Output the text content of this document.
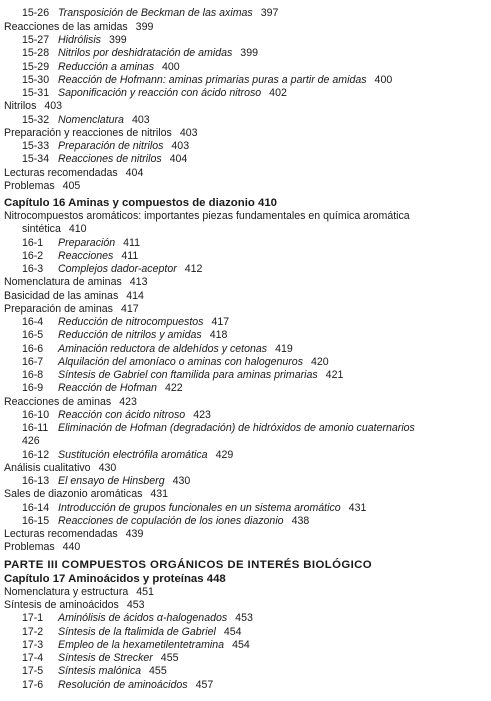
15-26 Transposición de Beckman de las aximas 397
Reacciones de las amidas 399
15-27 Hidrólisis 399
15-28 Nitrilos por deshidratación de amidas 399
15-29 Reducción a aminas 400
15-30 Reacción de Hofmann: aminas primarias puras a partir de amidas 400
15-31 Saponificación y reacción con ácido nitroso 402
Nitrilos 403
15-32 Nomenclatura 403
Preparación y reacciones de nitrilos 403
15-33 Preparación de nitrilos 403
15-34 Reacciones de nitrilos 404
Lecturas recomendadas 404
Problemas 405
Capítulo 16 Aminas y compuestos de diazonio 410
Nitrocompuestos aromáticos: importantes piezas fundamentales en química aromática
sintética 410
16-1 Preparación 411
16-2 Reacciones 411
16-3 Complejos dador-aceptor 412
Nomenclatura de aminas 413
Basicidad de las aminas 414
Preparación de aminas 417
16-4 Reducción de nitrocompuestos 417
16-5 Reducción de nitrilos y amidas 418
16-6 Aminación reductora de aldehídos y cetonas 419
16-7 Alquilación del amoníaco o aminas con halogenuros 420
16-8 Síntesis de Gabriel con ftamilida para aminas primarias 421
16-9 Reacción de Hofman 422
Reacciones de aminas 423
16-10 Reacción con ácido nitroso 423
16-11 Eliminación de Hofman (degradación) de hidróxidos de amonio cuaternarios
426
16-12 Sustitución electrófila aromática 429
Análisis cualitativo 430
16-13 El ensayo de Hinsberg 430
Sales de diazonio aromáticas 431
16-14 Introducción de grupos funcionales en un sistema aromático 431
16-15 Reacciones de copulación de los iones diazonio 438
Lecturas recomendadas 439
Problemas 440
PARTE III COMPUESTOS ORGÁNICOS DE INTERÉS BIOLÓGICO
Capítulo 17 Aminoácidos y proteínas 448
Nomenclatura y estructura 451
Síntesis de aminoácidos 453
17-1 Aminólisis de ácidos α-halogenados 453
17-2 Síntesis de la ftalimida de Gabriel 454
17-3 Empleo de la hexametilentetramina 454
17-4 Síntesis de Strecker 455
17-5 Síntesis malónica 455
17-6 Resolución de aminoácidos 457
